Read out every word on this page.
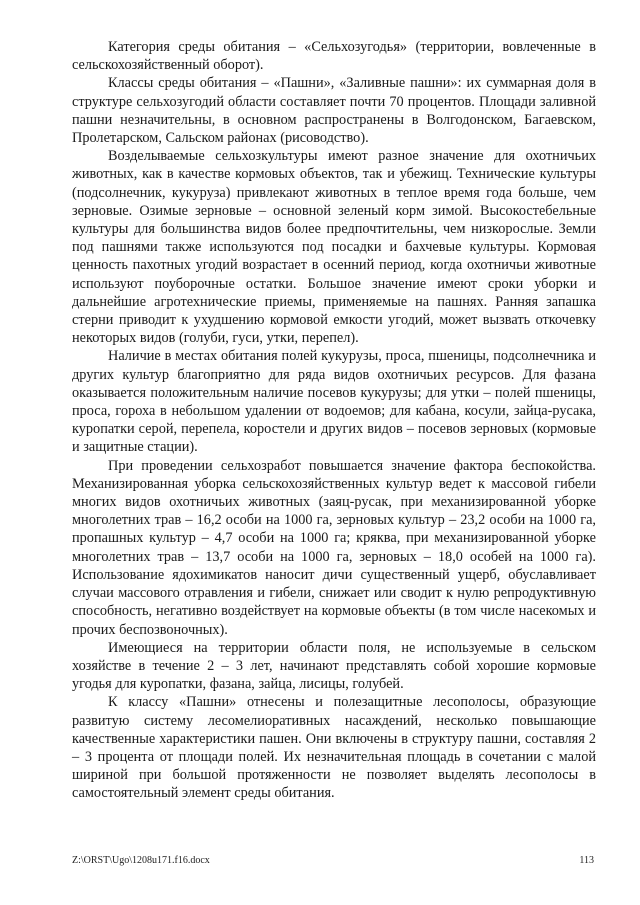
Категория среды обитания – «Сельхозугодья» (территории, вовлеченные в сельскохозяйственный оборот).

Классы среды обитания – «Пашни», «Заливные пашни»: их суммарная доля в структуре сельхозугодий области составляет почти 70 процентов. Площади заливной пашни незначительны, в основном распространены в Волгодонском, Багаевском, Пролетарском, Сальском районах (рисоводство).

Возделываемые сельхозкультуры имеют разное значение для охотничьих животных, как в качестве кормовых объектов, так и убежищ. Технические культуры (подсолнечник, кукуруза) привлекают животных в теплое время года больше, чем зерновые. Озимые зерновые – основной зеленый корм зимой. Высокостебельные культуры для большинства видов более предпочтительны, чем низкорослые. Земли под пашнями также используются под посадки и бахчевые культуры. Кормовая ценность пахотных угодий возрастает в осенний период, когда охотничьи животные используют поуборочные остатки. Большое значение имеют сроки уборки и дальнейшие агротехнические приемы, применяемые на пашнях. Ранняя запашка стерни приводит к ухудшению кормовой емкости угодий, может вызвать откочевку некоторых видов (голуби, гуси, утки, перепел).

Наличие в местах обитания полей кукурузы, проса, пшеницы, подсолнечника и других культур благоприятно для ряда видов охотничьих ресурсов. Для фазана оказывается положительным наличие посевов кукурузы; для утки – полей пшеницы, проса, гороха в небольшом удалении от водоемов; для кабана, косули, зайца-русака, куропатки серой, перепела, коростели и других видов – посевов зерновых (кормовые и защитные стации).

При проведении сельхозработ повышается значение фактора беспокойства. Механизированная уборка сельскохозяйственных культур ведет к массовой гибели многих видов охотничьих животных (заяц-русак, при механизированной уборке многолетних трав – 16,2 особи на 1000 га, зерновых культур – 23,2 особи на 1000 га, пропашных культур – 4,7 особи на 1000 га; кряква, при механизированной уборке многолетних трав – 13,7 особи на 1000 га, зерновых – 18,0 особей на 1000 га). Использование ядохимикатов наносит дичи существенный ущерб, обуславливает случаи массового отравления и гибели, снижает или сводит к нулю репродуктивную способность, негативно воздействует на кормовые объекты (в том числе насекомых и прочих беспозвоночных).

Имеющиеся на территории области поля, не используемые в сельском хозяйстве в течение 2 – 3 лет, начинают представлять собой хорошие кормовые угодья для куропатки, фазана, зайца, лисицы, голубей.

К классу «Пашни» отнесены и полезащитные лесополосы, образующие развитую систему лесомелиоративных насаждений, несколько повышающие качественные характеристики пашен. Они включены в структуру пашни, составляя 2 – 3 процента от площади полей. Их незначительная площадь в сочетании с малой шириной при большой протяженности не позволяет выделять лесополосы в самостоятельный элемент среды обитания.

Z:\ORST\Ugo\1208u171.f16.docx	113
